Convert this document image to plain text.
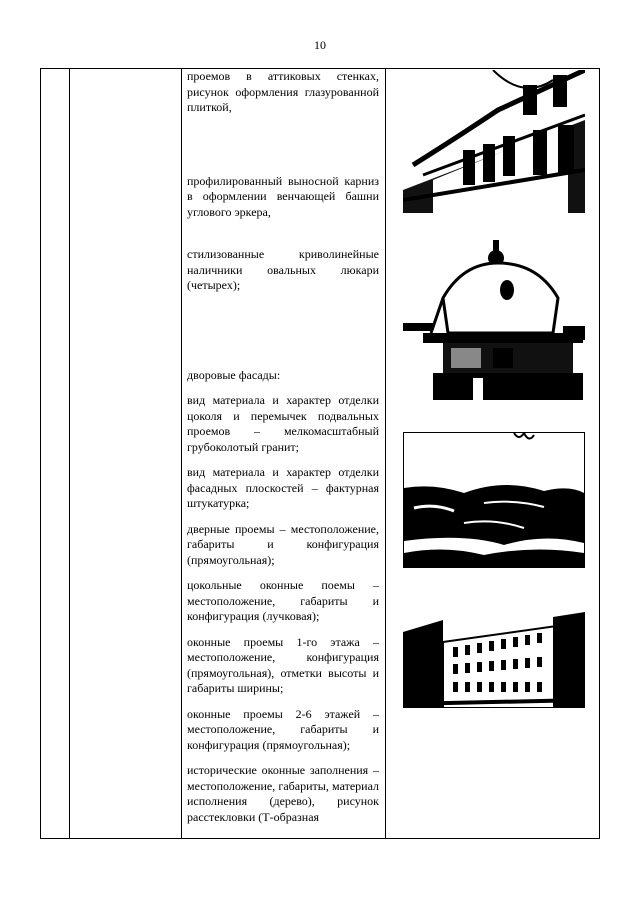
10

проемов в аттиковых стенках, рисунок оформления глазурованной плиткой,

профилированный выносной карниз в оформлении венчающей башни углового эркера,

стилизованные криволинейные наличники овальных люкари (четырех);

дворовые фасады:

вид материала и характер отделки цоколя и перемычек подвальных проемов – мелкомасштабный грубоколотый гранит;

вид материала и характер отделки фасадных плоскостей – фактурная штукатурка;

дверные проемы – местоположение, габариты и конфигурация (прямоугольная);

цокольные оконные поемы – местоположение, габариты и конфигурация (лучковая);

оконные проемы 1-го этажа – местоположение, конфигурация (прямоугольная), отметки высоты и габариты ширины;

оконные проемы 2-6 этажей – местоположение, габариты и конфигурация (прямоугольная);

исторические оконные заполнения – местоположение, габариты, материал исполнения (дерево), рисунок расстекловки (Т-образная
